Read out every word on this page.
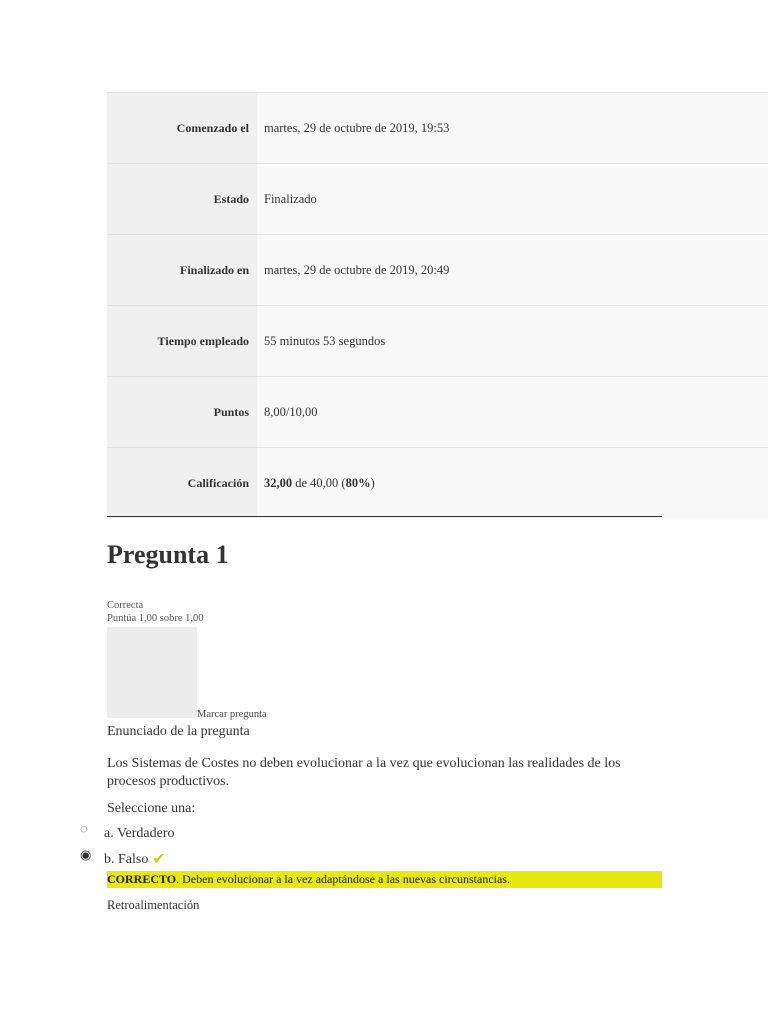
Comenzado el	martes, 29 de octubre de 2019, 19:53
Estado	Finalizado
Finalizado en	martes, 29 de octubre de 2019, 20:49
Tiempo empleado	55 minutos 53 segundos
Puntos	8,00/10,00
Calificación	32,00 de 40,00 ( 80% )
Pregunta 1
Correcta
Puntúa 1,00 sobre 1,00
Marcar pregunta
Enunciado de la pregunta
Los Sistemas de Costes no deben evolucionar a la vez que evolucionan las realidades de los procesos productivos.
Seleccione una:
◌	a. Verdadero
◉ b. Falso ✔
CORRECTO. Deben evolucionar a la vez adaptándose a las nuevas circunstancias.
Retroalimentación
